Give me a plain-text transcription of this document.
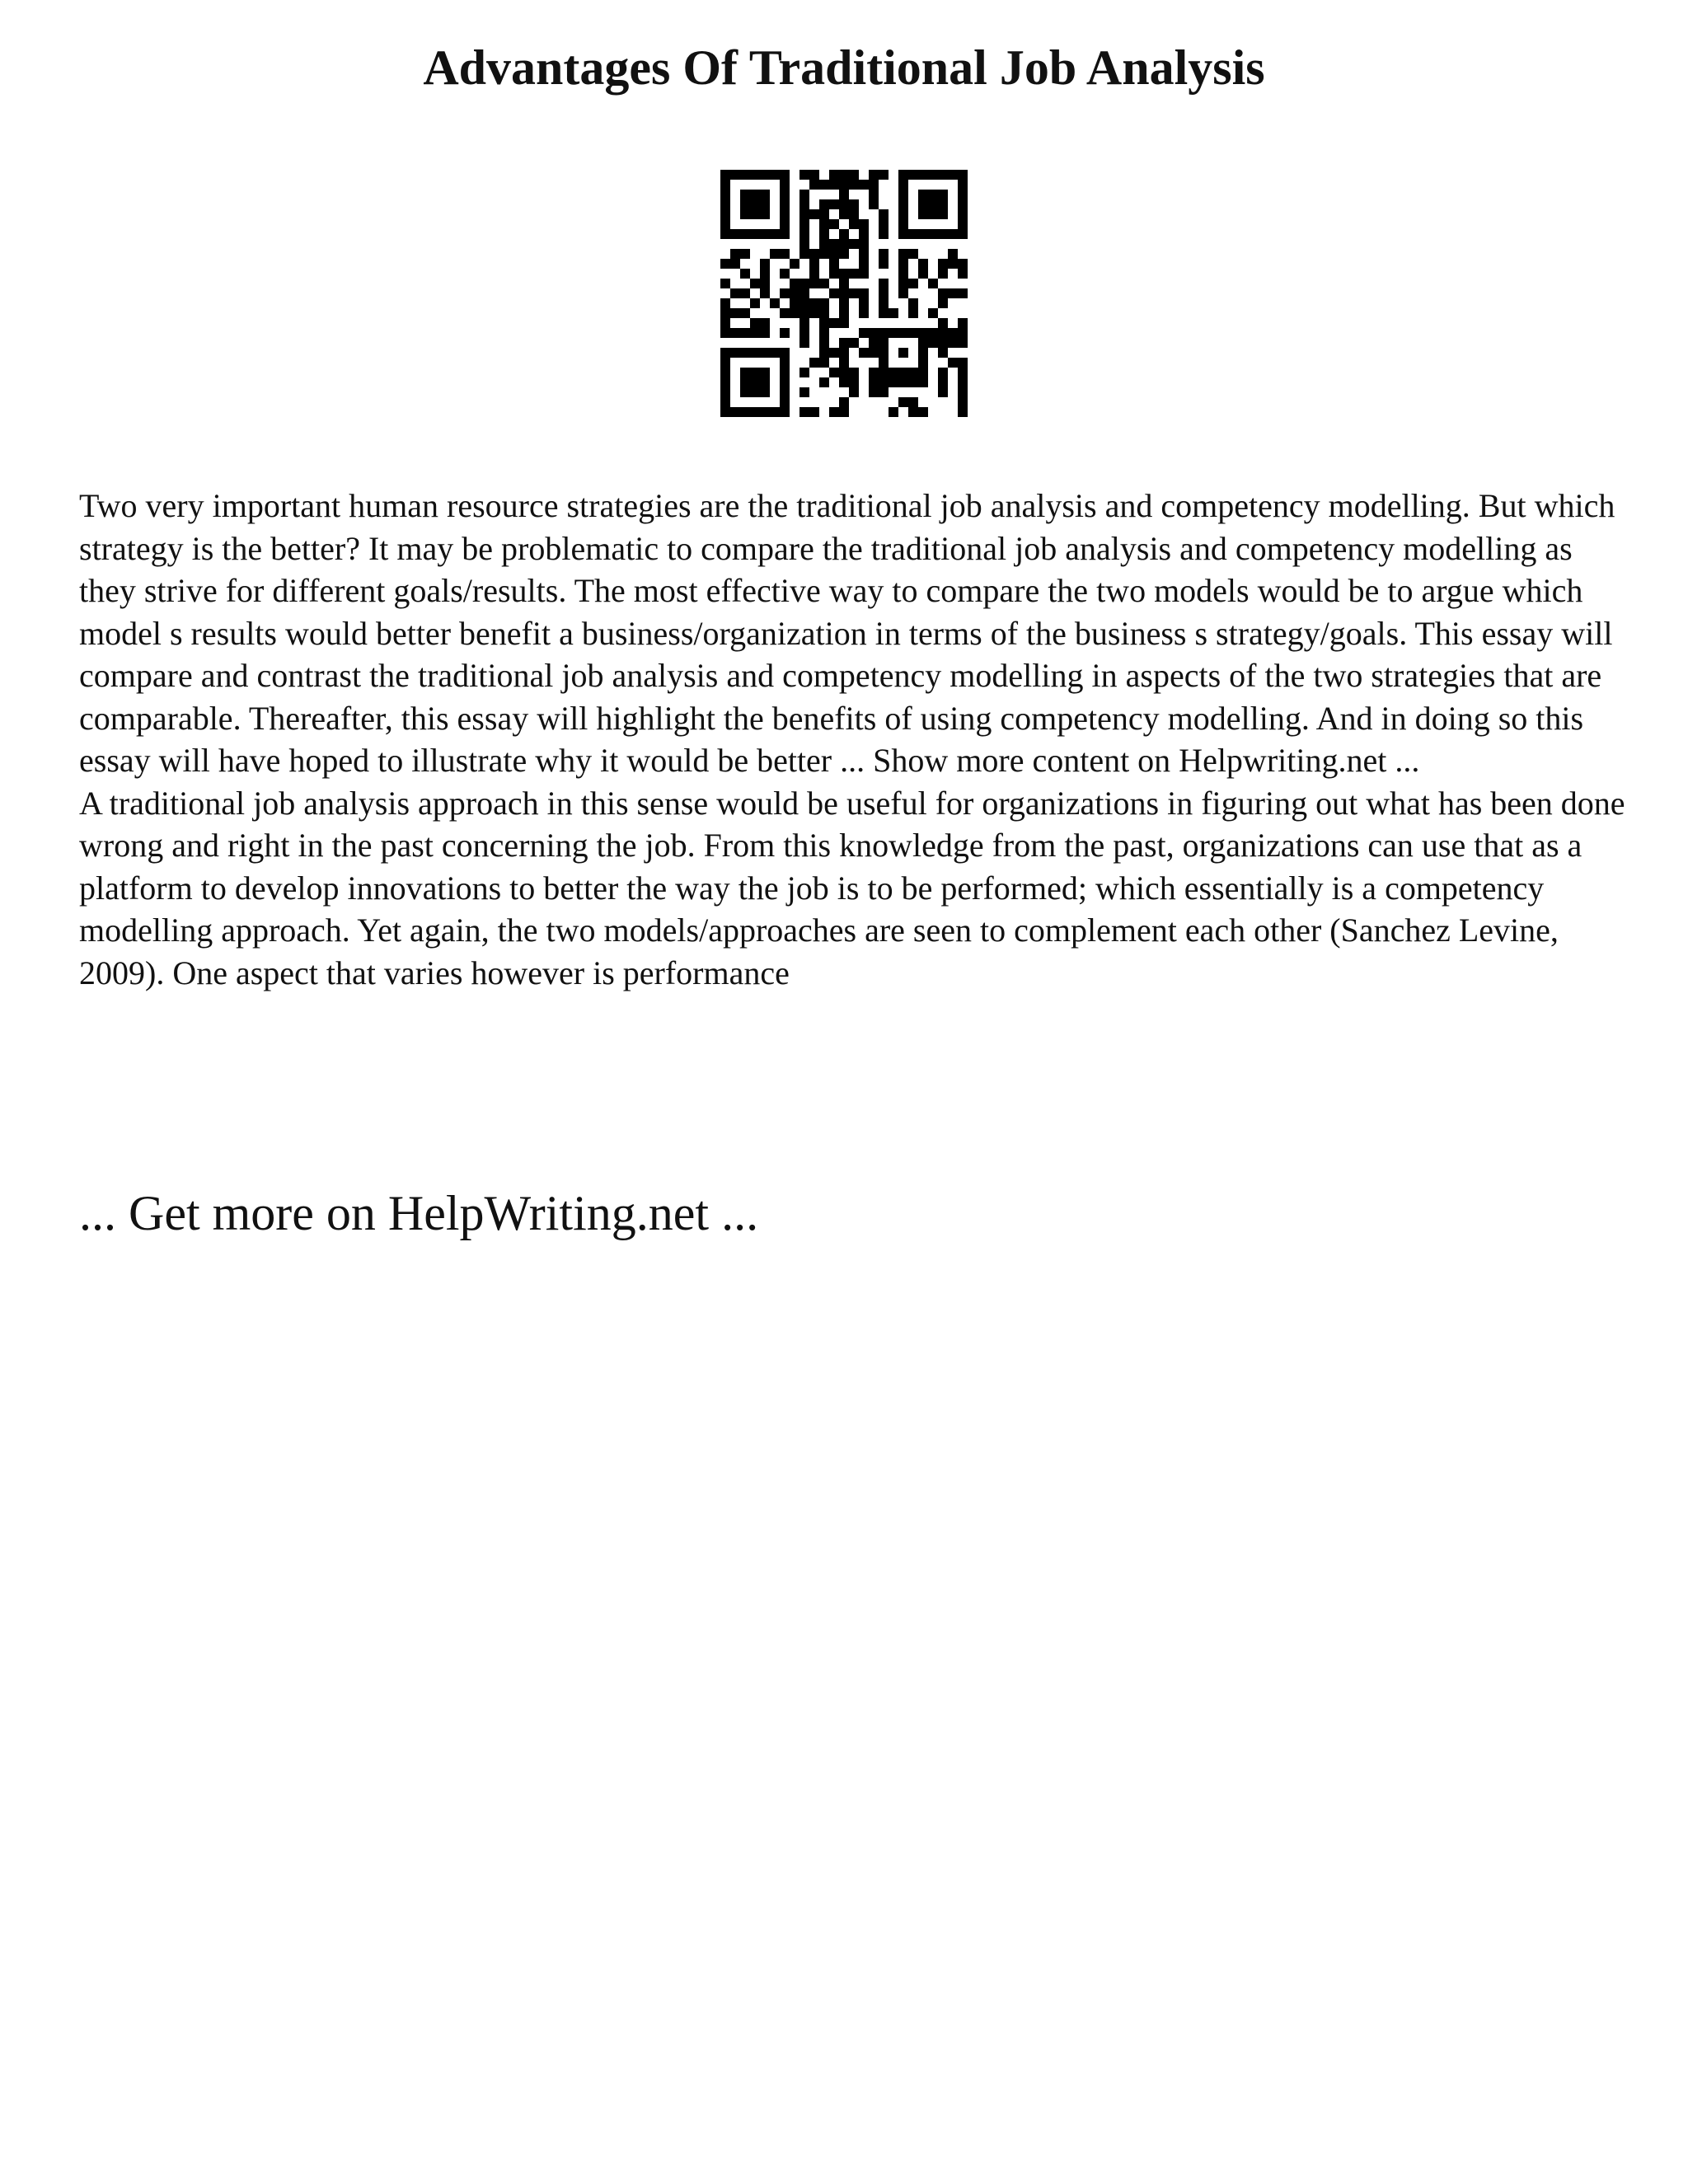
Advantages Of Traditional Job Analysis

Two very important human resource strategies are the traditional job analysis and competency modelling. But which strategy is the better? It may be problematic to compare the traditional job analysis and competency modelling as they strive for different goals/results. The most effective way to compare the two models would be to argue which model s results would better benefit a business/organization in terms of the business s strategy/goals. This essay will compare and contrast the traditional job analysis and competency modelling in aspects of the two strategies that are comparable. Thereafter, this essay will highlight the benefits of using competency modelling. And in doing so this essay will have hoped to illustrate why it would be better ... Show more content on Helpwriting.net ...

A traditional job analysis approach in this sense would be useful for organizations in figuring out what has been done wrong and right in the past concerning the job. From this knowledge from the past, organizations can use that as a platform to develop innovations to better the way the job is to be performed; which essentially is a competency modelling approach. Yet again, the two models/approaches are seen to complement each other (Sanchez Levine, 2009). One aspect that varies however is performance

... Get more on HelpWriting.net ...
